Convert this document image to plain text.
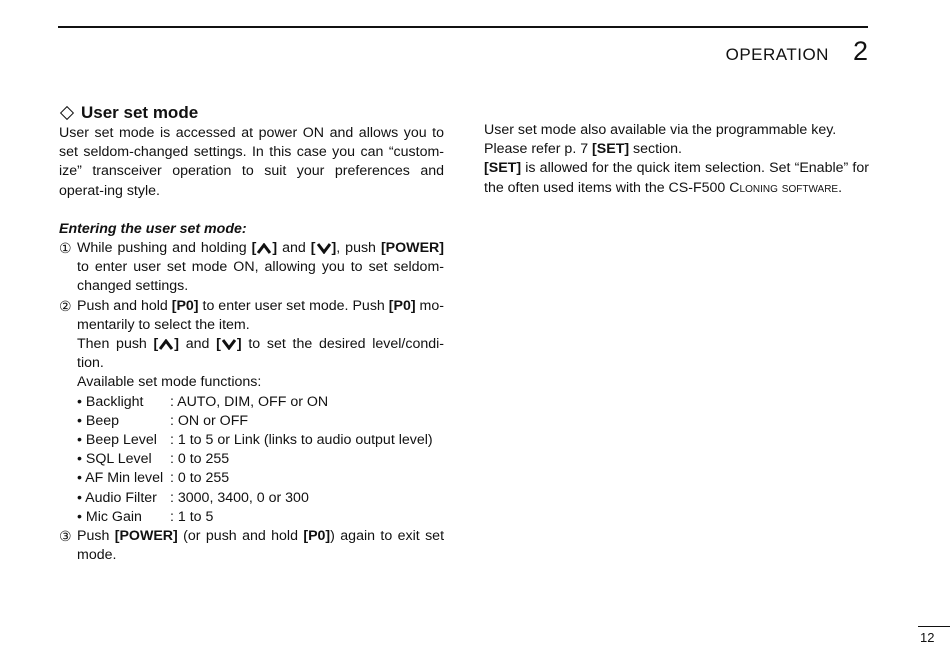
OPERATION 2
User set mode

User set mode is accessed at power ON and allows you to set seldom-changed settings. In this case you can “custom-ize” transceiver operation to suit your preferences and operat-ing style.

Entering the user set mode:
① While pushing and holding [ ] and [ ], push [POWER] to enter user set mode ON, allowing you to set seldom-changed settings.

② Push and hold [P0] to enter user set mode. Push [P0] mo-mentarily to select the item.

Then push [ ] and [ ] to set the desired level/condi-tion.

Available set mode functions:
• Backlight	: AUTO, DIM, OFF or ON
• Beep	: ON or OFF
• Beep Level : 1 to 5 or Link (links to audio output level)
• SQL Level	: 0 to 255
• AF Min level : 0 to 255
• Audio Filter : 3000, 3400, 0 or 300
• Mic Gain	: 1 to 5
③ Push [POWER] (or push and hold [P0]) again to exit set mode.

User set mode also available via the programmable key.
Please refer p. 7 [SET] section.

[SET] is allowed for the quick item selection. Set “Enable” for the often used items with the CS-F500 Cloning software.

12
